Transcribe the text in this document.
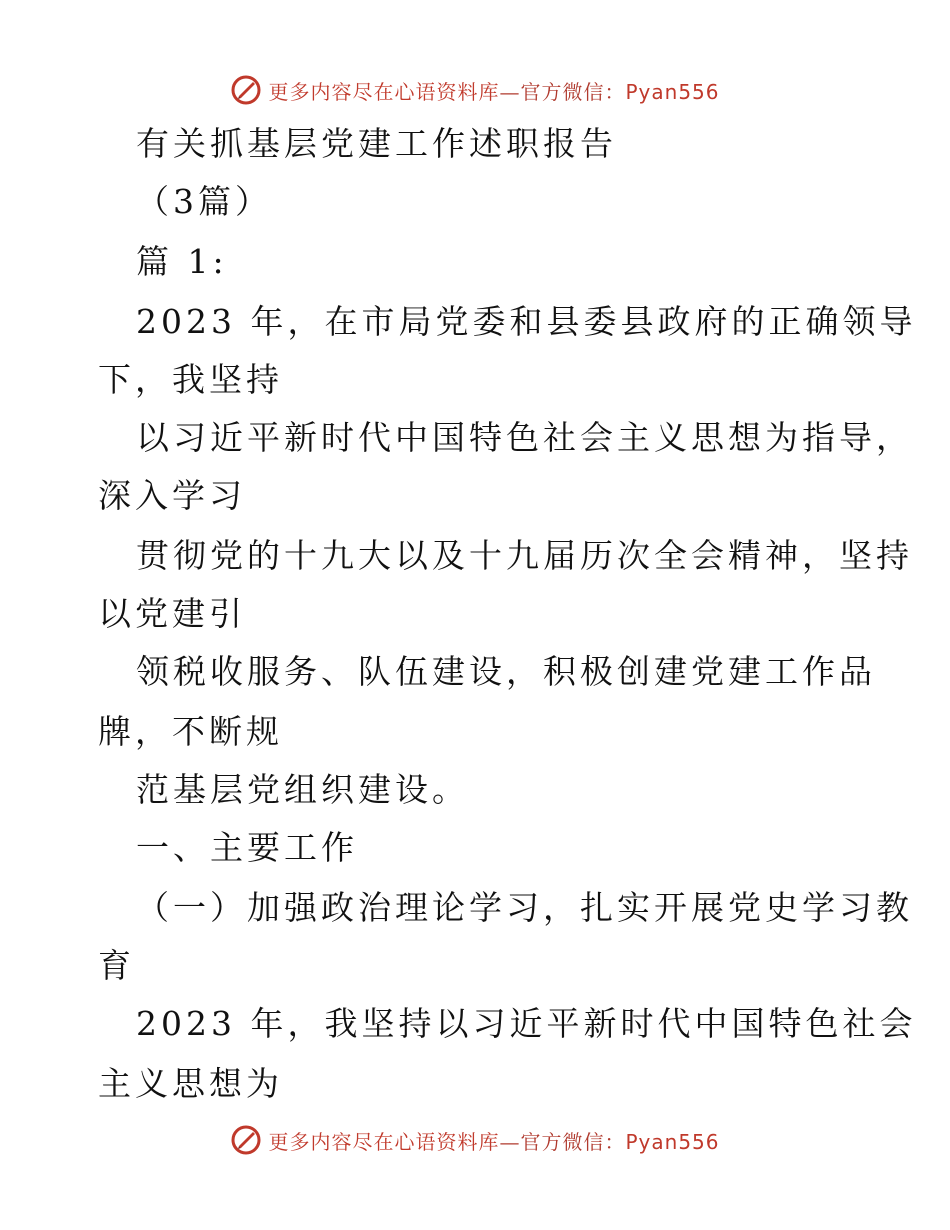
更多内容尽在心语资料库—官方微信：Pyan556
有关抓基层党建工作述职报告
（3篇）
篇 1:
2023 年，在市局党委和县委县政府的正确领导
下，我坚持
以习近平新时代中国特色社会主义思想为指导，
深入学习
贯彻党的十九大以及十九届历次全会精神，坚持
以党建引
领税收服务、队伍建设，积极创建党建工作品
牌，不断规
范基层党组织建设。
一、主要工作
（一）加强政治理论学习，扎实开展党史学习教
育
2023 年，我坚持以习近平新时代中国特色社会
主义思想为
更多内容尽在心语资料库—官方微信：Pyan556
